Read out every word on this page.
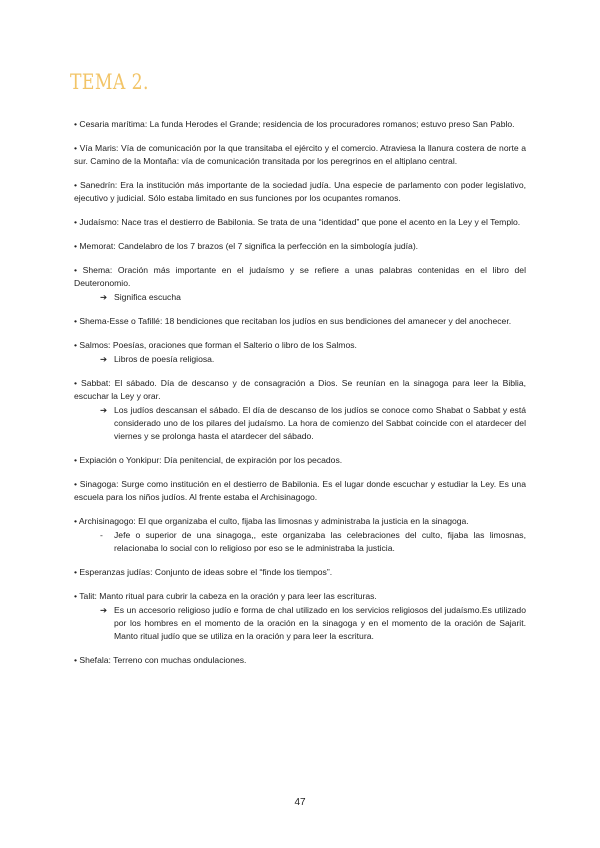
TEMA 2.

• Cesaria marítima: La funda Herodes el Grande; residencia de los procuradores romanos; estuvo preso San Pablo.

• Vía Maris: Vía de comunicación por la que transitaba el ejército y el comercio. Atraviesa la llanura costera de norte a sur. Camino de la Montaña: vía de comunicación transitada por los peregrinos en el altiplano central.

• Sanedrín: Era la institución más importante de la sociedad judía. Una especie de parlamento con poder legislativo, ejecutivo y judicial. Sólo estaba limitado en sus funciones por los ocupantes romanos.

• Judaísmo: Nace tras el destierro de Babilonia. Se trata de una “identidad” que pone el acento en la Ley y el Templo.

• Memorat: Candelabro de los 7 brazos (el 7 significa la perfección en la simbología judía).

• Shema: Oración más importante en el judaísmo y se refiere a unas palabras contenidas en el libro del Deuteronomio.

➔ Significa escucha

• Shema-Esse o Tafillé: 18 bendiciones que recitaban los judíos en sus bendiciones del amanecer y del anochecer.

• Salmos: Poesías, oraciones que forman el Salterio o libro de los Salmos.

➔ Libros de poesía religiosa.

• Sabbat: El sábado. Día de descanso y de consagración a Dios. Se reunían en la sinagoga para leer la Biblia, escuchar la Ley y orar.

➔ Los judíos descansan el sábado. El día de descanso de los judíos se conoce como Shabat o Sabbat y está considerado uno de los pilares del judaísmo. La hora de comienzo del Sabbat coincide con el atardecer del viernes y se prolonga hasta el atardecer del sábado.

• Expiación o Yonkipur: Día penitencial, de expiración por los pecados.

• Sinagoga: Surge como institución en el destierro de Babilonia. Es el lugar donde escuchar y estudiar la Ley. Es una escuela para los niños judíos. Al frente estaba el Archisinagogo.

• Archisinagogo: El que organizaba el culto, fijaba las limosnas y administraba la justicia en la sinagoga.

- Jefe o superior de una sinagoga,, este organizaba las celebraciones del culto, fijaba las limosnas, relacionaba lo social con lo religioso por eso se le administraba la justicia.

• Esperanzas judías: Conjunto de ideas sobre el “finde los tiempos”.

• Talit: Manto ritual para cubrir la cabeza en la oración y para leer las escrituras.

➔ Es un accesorio religioso judío e forma de chal utilizado en los servicios religiosos del judaísmo.Es utilizado por los hombres en el momento de la oración en la sinagoga y en el momento de la oración de Sajarit. Manto ritual judío que se utiliza en la oración y para leer la escritura.

• Shefala: Terreno con muchas ondulaciones.

47
